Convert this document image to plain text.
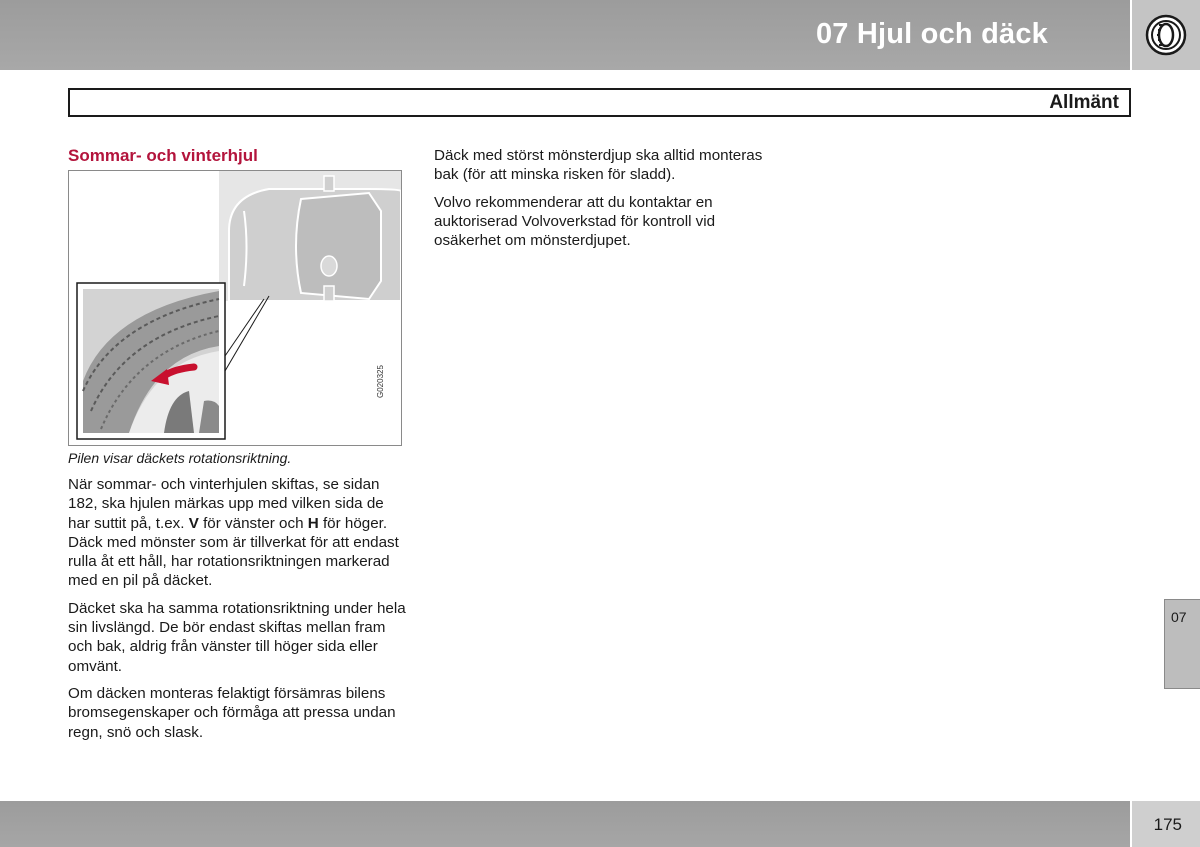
07 Hjul och däck
Allmänt
Sommar- och vinterhjul
G020325
Pilen visar däckets rotationsriktning.

När sommar- och vinterhjulen skiftas, se sidan 182, ska hjulen märkas upp med vilken sida de har suttit på, t.ex. V för vänster och H för höger. Däck med mönster som är tillverkat för att endast rulla åt ett håll, har rotationsriktningen markerad med en pil på däcket.

Däcket ska ha samma rotationsriktning under hela sin livslängd. De bör endast skiftas mellan fram och bak, aldrig från vänster till höger sida eller omvänt.

Om däcken monteras felaktigt försämras bilens bromsegenskaper och förmåga att pressa undan regn, snö och slask.

Däck med störst mönsterdjup ska alltid monteras bak (för att minska risken för sladd).

Volvo rekommenderar att du kontaktar en auktoriserad Volvoverkstad för kontroll vid osäkerhet om mönsterdjupet.

07
175
